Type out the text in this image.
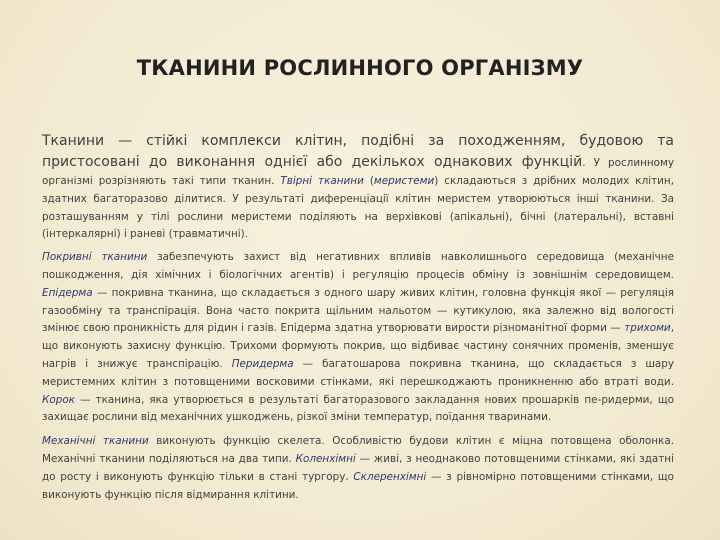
ТКАНИНИ РОСЛИННОГО ОРГАНІЗМУ

Тканини — стійкі комплекси клітин, подібні за походженням, будовою та пристосовані до виконання однієї або декількох однакових функцій. У рослинному організмі розрізняють такі типи тканин. Твірні тканини (меристеми) складаються з дрібних молодих клітин, здатних багаторазово ділитися. У результаті диференціації клітин меристем утворюються інші тканини. За розташуванням у тілі рослини меристеми поділяють на верхівкові (апікальні), бічні (латеральні), вставні (інтеркалярні) і раневі (травматичні).

Покривні тканини забезпечують захист від негативних впливів навколишнього середовища (механічне пошкодження, дія хімічних і біологічних агентів) і регуляцію процесів обміну із зовнішнім середовищем. Епідерма — покривна тканина, що складається з одного шару живих клітин, головна функція якої — регуляція газообміну та транспірація. Вона часто покрита щільним нальотом — кутикулою, яка залежно від вологості змінює свою проникність для рідин і газів. Епідерма здатна утворювати вирости різноманітної форми — трихоми, що виконують захисну функцію. Трихоми формують покрив, що відбиває частину сонячних променів, зменшує нагрів і знижує транспірацію. Перидерма — багатошарова покривна тканина, що складається з шару меристемних клітин з потовщеними восковими стінками, які перешкоджають проникненню або втраті води. Корок — тканина, яка утворюється в результаті багаторазового закладання нових прошарків пе-ридерми, що захищає рослини від механічних ушкоджень, різкої зміни температур, поїдання тваринами.

Механічні тканини виконують функцію скелета. Особливістю будови клітин є міцна потовщена оболонка. Механічні тканини поділяються на два типи. Коленхімні — живі, з неоднаково потовщеними стінками, які здатні до росту і виконують функцію тільки в стані тургору. Склеренхімні — з рівномірно потовщеними стінками, що виконують функцію після відмирання клітини.
